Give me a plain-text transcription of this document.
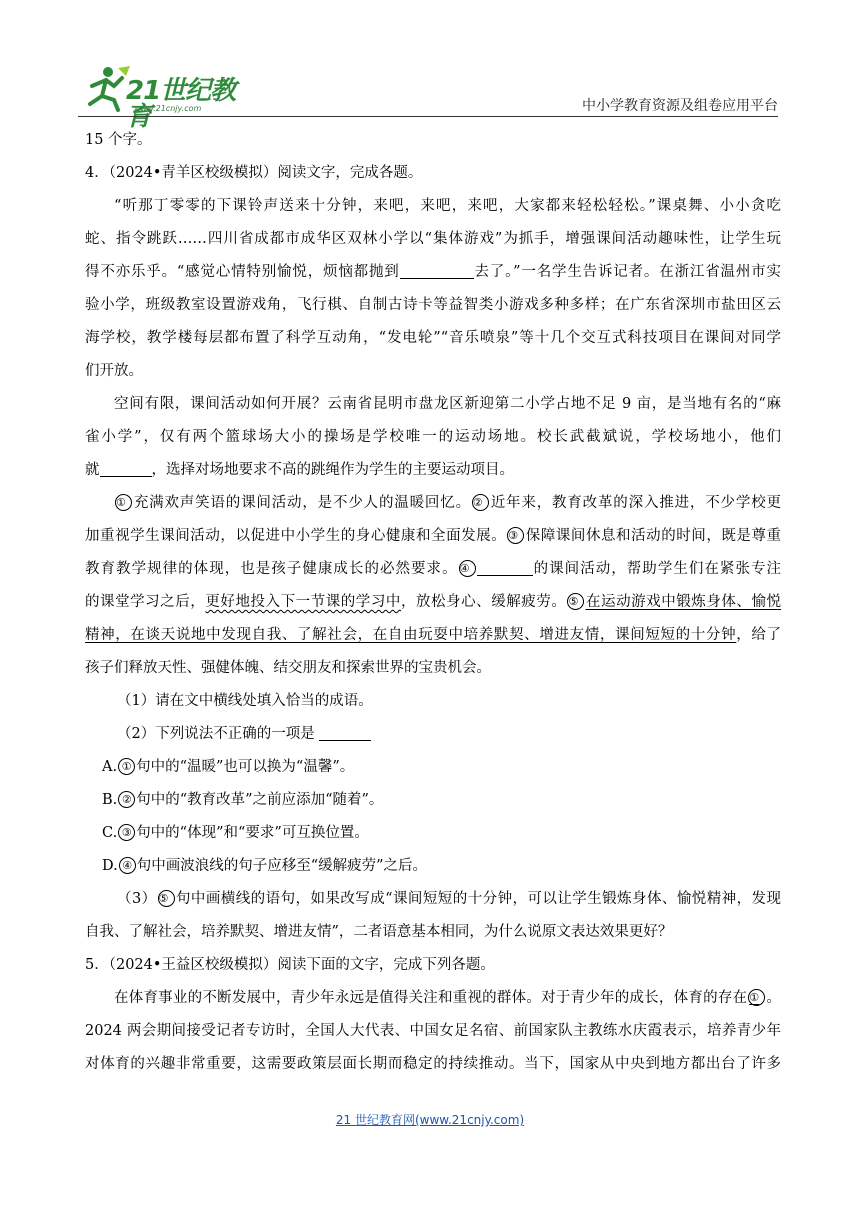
21世纪教育
www.21cnjy.com	中小学教育资源及组卷应用平台
15 个字。
4．（2024•青羊区校级模拟）阅读文字，完成各题。
“听那丁零零的下课铃声送来十分钟，来吧，来吧，来吧，大家都来轻松轻松。”课桌舞、小小贪吃
蛇、指令跳跃……四川省成都市成华区双林小学以“集体游戏”为抓手，增强课间活动趣味性，让学生玩
得不亦乐乎。“感觉心情特别愉悦，烦恼都抛到	去了。”一名学生告诉记者。在浙江省温州市实
验小学，班级教室设置游戏角，飞行棋、自制古诗卡等益智类小游戏多种多样；在广东省深圳市盐田区云
海学校，教学楼每层都布置了科学互动角，“发电轮”“音乐喷泉”等十几个交互式科技项目在课间对同学
们开放。
空间有限，课间活动如何开展？云南省昆明市盘龙区新迎第二小学占地不足 9 亩，是当地有名的“麻
雀小学”，仅有两个篮球场大小的操场是学校唯一的运动场地。校长武截斌说，学校场地小，他们
就	，选择对场地要求不高的跳绳作为学生的主要运动项目。
① 充满欢声笑语的课间活动，是不少人的温暖回忆。 ② 近年来，教育改革的深入推进，不少学校更
加重视学生课间活动，以促进中小学生的身心健康和全面发展。 ③ 保障课间休息和活动的时间，既是尊重
教育教学规律的体现，也是孩子健康成长的必然要求。 ④	的课间活动，帮助学生们在紧张专注
的课堂学习之后，更好地投入下一节课的学习中，放松身心、缓解疲劳。 ⑤ 在运动游戏中锻炼身体、愉悦
精神，在谈天说地中发现自我、了解社会，在自由玩耍中培养默契、增进友情，课间短短的十分钟，给了
孩子们释放天性、强健体魄、结交朋友和探索世界的宝贵机会。
（1）请在文中横线处填入恰当的成语。
（2）下列说法不正确的一项是
A. ① 句中的“温暖”也可以换为“温馨”。
B. ② 句中的“教育改革”之前应添加“随着”。
C. ③ 句中的“体现”和“要求”可互换位置。
D. ④ 句中画波浪线的句子应移至“缓解疲劳”之后。
（3） ⑤ 句中画横线的语句，如果改写成“课间短短的十分钟，可以让学生锻炼身体、愉悦精神，发现
自我、了解社会，培养默契、增进友情”，二者语意基本相同，为什么说原文表达效果更好？
5．（2024•王益区校级模拟）阅读下面的文字，完成下列各题。
在体育事业的不断发展中，青少年永远是值得关注和重视的群体。对于青少年的成长，体育的存在 ① 。
2024 两会期间接受记者专访时，全国人大代表、中国女足名宿、前国家队主教练水庆霞表示，培养青少年
对体育的兴趣非常重要，这需要政策层面长期而稳定的持续推动。当下，国家从中央到地方都出台了许多
21 世纪教育网(www.21cnjy.com)
